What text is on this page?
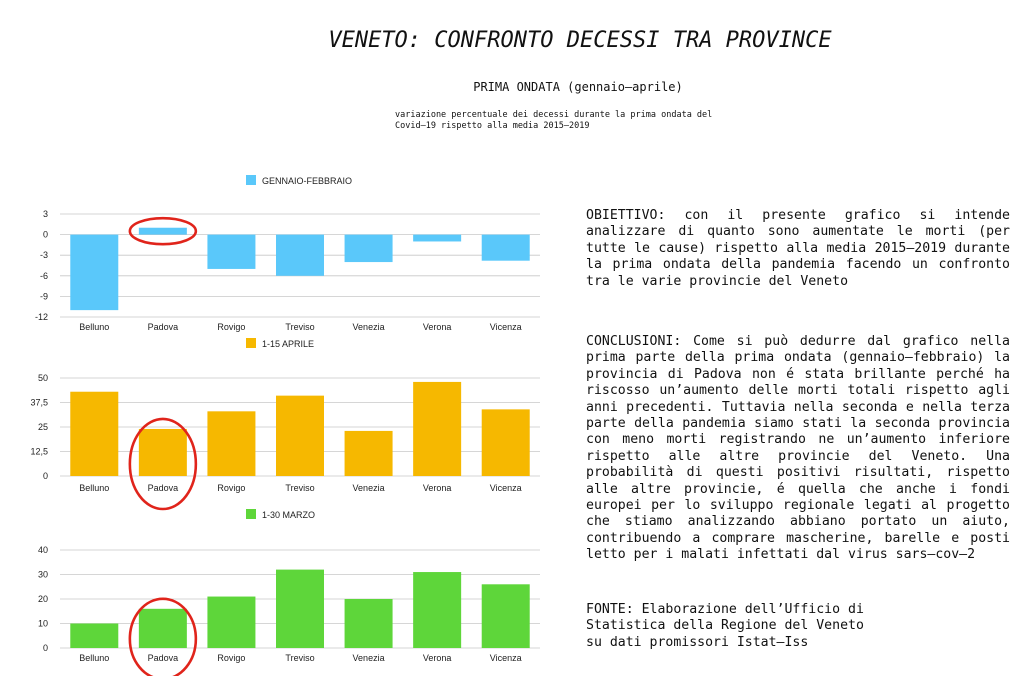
VENETO: CONFRONTO DECESSI TRA PROVINCE
PRIMA ONDATA (gennaio–aprile)
variazione percentuale dei decessi durante la prima ondata del
Covid–19 rispetto alla media 2015–2019
GENNAIO-FEBBRAIO
3
0
-3
-6
-9
-12
Belluno	Padova	Rovigo	Treviso	Venezia	Verona	Vicenza
1-15 APRILE
50
37,5
25
12,5
0
Belluno	Padova	Rovigo	Treviso	Venezia	Verona	Vicenza
1-30 MARZO
40
30
20
10
0
Belluno	Padova	Rovigo	Treviso	Venezia	Verona	Vicenza
OBIETTIVO: con il presente grafico si intende analizzare di quanto sono aumentate le morti (per tutte le cause) rispetto alla media 2015–2019 durante la prima ondata della pandemia facendo un confronto tra le varie provincie del Veneto
CONCLUSIONI: Come si può dedurre dal grafico nella prima parte della prima ondata (gennaio–febbraio) la provincia di Padova non é stata brillante perché ha riscosso un’aumento delle morti totali rispetto agli anni precedenti. Tuttavia nella seconda e nella terza parte della pandemia siamo stati la seconda provincia con meno morti registrando ne un’aumento inferiore rispetto alle altre provincie del Veneto. Una probabilità di questi positivi risultati, rispetto alle altre provincie, é quella che anche i fondi europei per lo sviluppo regionale legati al progetto che stiamo analizzando abbiano portato un aiuto, contribuendo a comprare mascherine, barelle e posti letto per i malati infettati dal virus sars–cov–2
FONTE: Elaborazione dell’Ufficio di
Statistica della Regione del Veneto
su dati promissori Istat–Iss
